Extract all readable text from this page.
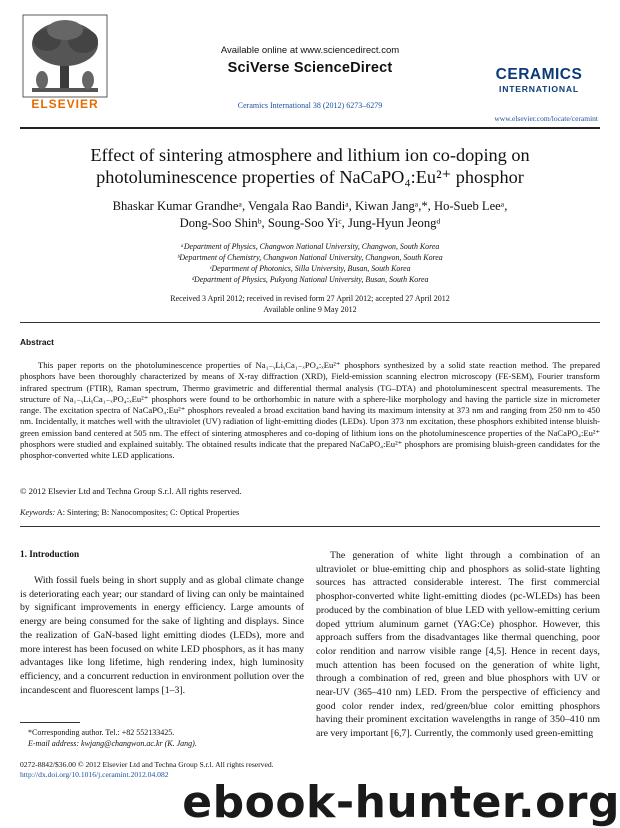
ELSEVIER
Available online at www.sciencedirect.com
SciVerse ScienceDirect
Ceramics International 38 (2012) 6273–6279
CERAMICS
INTERNATIONAL
www.elsevier.com/locate/ceramint
Effect of sintering atmosphere and lithium ion co-doping on
photoluminescence properties of NaCaPO₄:Eu²⁺ phosphor
Bhaskar Kumar Grandheᵃ, Vengala Rao Bandiᵃ, Kiwan Jangᵃ,*, Ho-Sueb Leeᵃ,
Dong-Soo Shinᵇ, Soung-Soo Yiᶜ, Jung-Hyun Jeongᵈ
ᵃDepartment of Physics, Changwon National University, Changwon, South Korea
ᵇDepartment of Chemistry, Changwon National University, Changwon, South Korea
ᶜDepartment of Photonics, Silla University, Busan, South Korea
ᵈDepartment of Physics, Pukyong National University, Busan, South Korea
Received 3 April 2012; received in revised form 27 April 2012; accepted 27 April 2012
Available online 9 May 2012
Abstract
This paper reports on the photoluminescence properties of Na₁₋ᵧLiᵧCa₁₋ₓPO₄:ₓEu²⁺ phosphors synthesized by a solid state reaction method. The prepared phosphors have been thoroughly characterized by means of X-ray diffraction (XRD), Field-emission scanning electron microscopy (FE-SEM), Fourier transform infrared spectrum (FTIR), Raman spectrum, Thermo gravimetric and differential thermal analysis (TG–DTA) and photoluminescent spectral measurements. The structure of Na₁₋ᵧLiᵧCa₁₋ₓPO₄:ₓEu²⁺ phosphors were found to be orthorhombic in nature with a sphere-like morphology and having the particle size in micrometer range. The excitation spectra of NaCaPO₄:Eu²⁺ phosphors revealed a broad excitation band having its maximum intensity at 373 nm and ranging from 250 nm to 450 nm. Incidentally, it matches well with the ultraviolet (UV) radiation of light-emitting diodes (LEDs). Upon 373 nm excitation, these phosphors exhibited intense bluish-green emission band centered at 505 nm. The effect of sintering atmospheres and co-doping of lithium ions on the photoluminescence properties of the NaCaPO₄:Eu²⁺ phosphors were studied and explained suitably. The obtained results indicate that the prepared NaCaPO₄:Eu²⁺ phosphors are promising bluish-green candidates for the phosphor-converted white LED applications.
© 2012 Elsevier Ltd and Techna Group S.r.l. All rights reserved.
Keywords: A: Sintering; B: Nanocomposites; C: Optical Properties
1. Introduction
With fossil fuels being in short supply and as global climate change is deteriorating each year; our standard of living can only be maintained by significant improvements in energy efficiency. Large amounts of energy are being consumed for the sake of lighting and displays. Since the realization of GaN-based light emitting diodes (LEDs), more and more interest has been focused on white LED phosphors, as it has many advantages like long lifetime, high rendering index, high luminosity efficiency, and a concurrent reduction in environment pollution over the incandescent and fluorescent lamps [1–3].
The generation of white light through a combination of an ultraviolet or blue-emitting chip and phosphors as solid-state lighting sources has attracted considerable interest. The first commercial phosphor-converted white light-emitting diodes (pc-WLEDs) has been produced by the combination of blue LED with yellow-emitting cerium doped yttrium aluminum garnet (YAG:Ce) phosphor. However, this approach suffers from the disadvantages like thermal quenching, poor color rendition and narrow visible range [4,5]. Hence in recent days, much attention has been focused on the generation of white light, through a combination of red, green and blue phosphors with UV or near-UV (365–410 nm) LED. From the perspective of efficiency and good color render index, red/green/blue color emitting phosphors having their prominent excitation wavelengths in range of 350–410 nm are very important [6,7]. Currently, the commonly used green-emitting
*Corresponding author. Tel.: +82 552133425.
E-mail address: kwjang@changwon.ac.kr (K. Jang).
0272-8842/$36.00 © 2012 Elsevier Ltd and Techna Group S.r.l. All rights reserved.
http://dx.doi.org/10.1016/j.ceramint.2012.04.082
ebook-hunter.org
